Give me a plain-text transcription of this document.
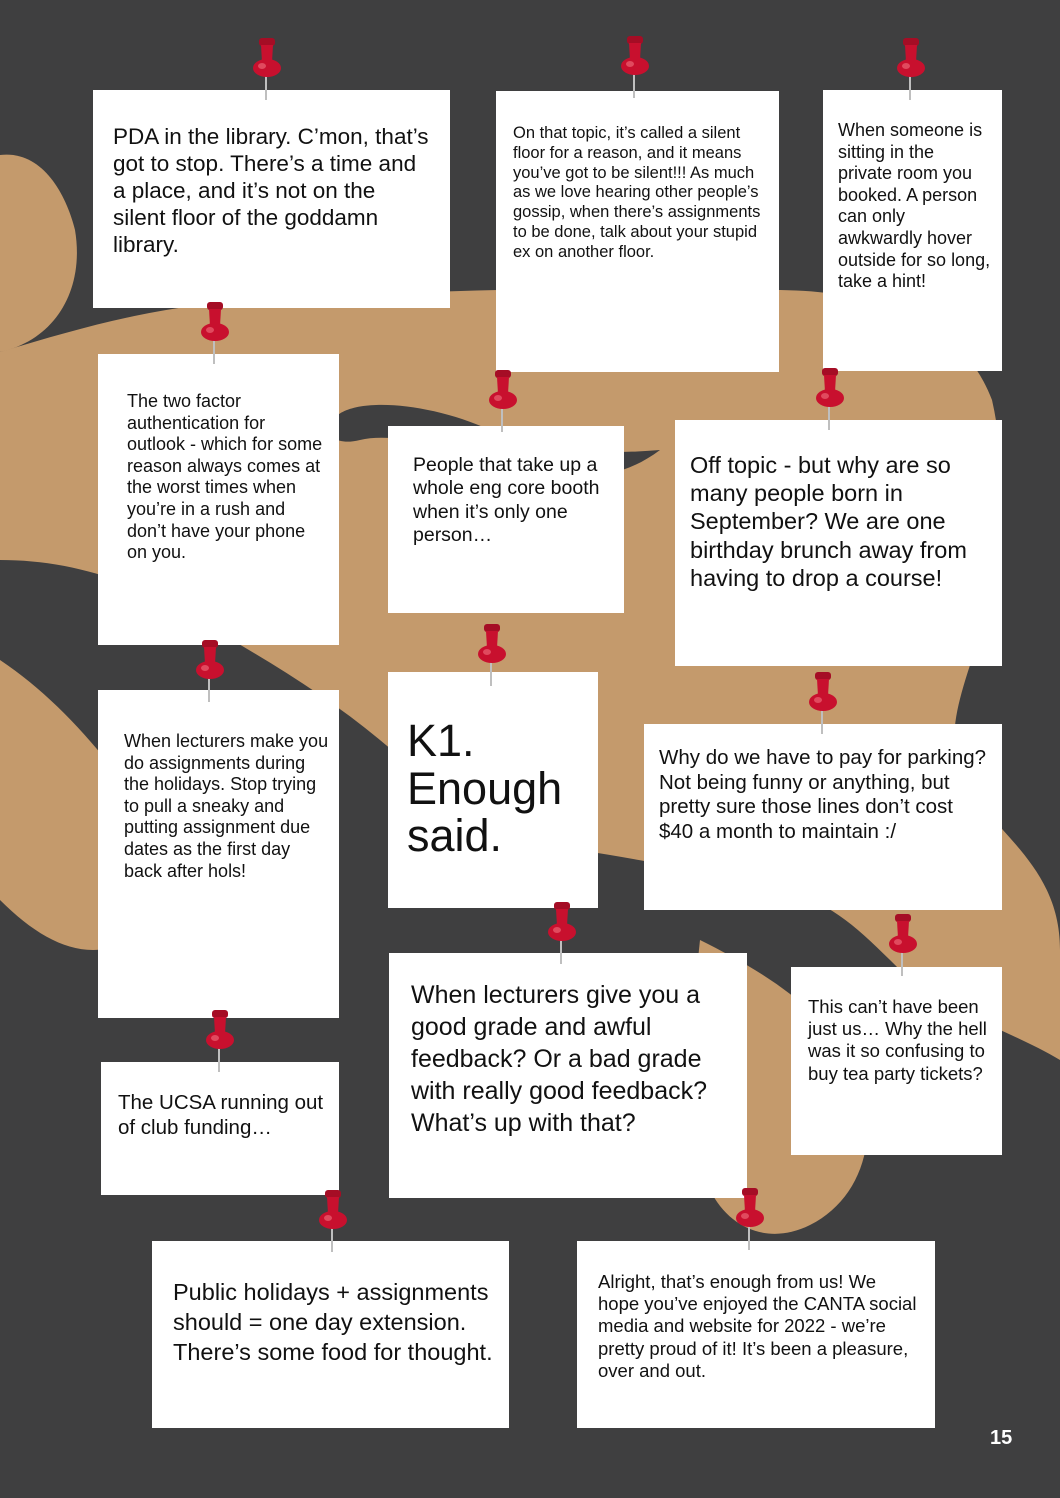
PDA in the library. C’mon, that’s got to stop. There’s a time and a place, and it’s not on the silent floor of the goddamn library.
On that topic, it’s called a silent floor for a reason, and it means you’ve got to be silent!!! As much as we love hearing other people’s gossip, when there’s assignments to be done, talk about your stupid ex on another floor.
When someone is sitting in the private room you booked. A person can only awkwardly hover outside for so long, take a hint!
The two factor authentication for outlook - which for some reason always comes at the worst times when you’re in a rush and don’t have your phone on you.
People that take up a whole eng core booth when it’s only one person…
Off topic - but why are so many people born in September? We are one birthday brunch away from having to drop a course!
When lecturers make you do assignments during the holidays. Stop trying to pull a sneaky and putting assignment due dates as the first day back after hols!
K1. Enough said.
Why do we have to pay for parking? Not being funny or anything, but pretty sure those lines don’t cost $40 a month to maintain :/
When lecturers give you a good grade and awful feedback? Or a bad grade with really good feedback? What’s up with that?
This can’t have been just us… Why the hell was it so confusing to buy tea party tickets?
The UCSA running out of club funding…
Public holidays + assignments should = one day extension. There’s some food for thought.
Alright, that’s enough from us! We hope you’ve enjoyed the CANTA social media and website for 2022 - we’re pretty proud of it! It’s been a pleasure, over and out.
15
